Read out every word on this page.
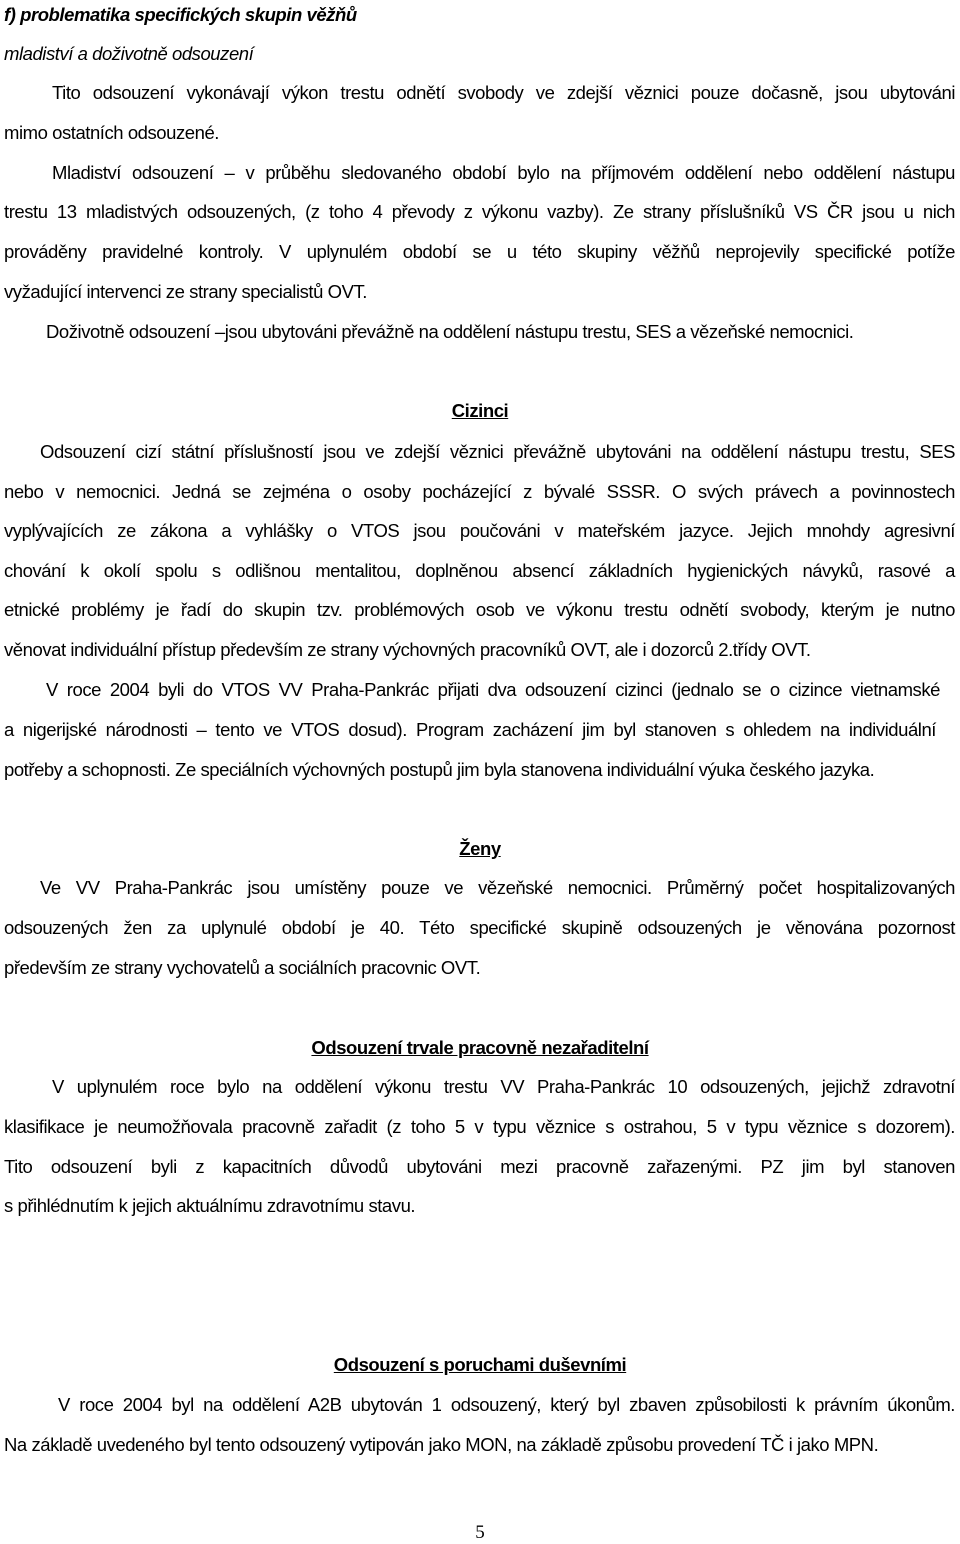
f) problematika specifických skupin věžňů
mladiství a doživotně odsouzení
Tito odsouzení vykonávají výkon trestu odnětí svobody ve zdejší věznici pouze dočasně, jsou ubytováni
mimo ostatních odsouzené.
Mladiství odsouzení – v průběhu sledovaného období bylo na příjmovém oddělení nebo oddělení nástupu
trestu 13 mladistvých odsouzených, (z toho 4 převody z výkonu vazby). Ze strany příslušníků VS ČR jsou u nich
prováděny pravidelné kontroly. V uplynulém období se u této skupiny věžňů neprojevily specifické potíže
vyžadující intervenci ze strany specialistů OVT.
Doživotně odsouzení –jsou ubytováni převážně na oddělení nástupu trestu, SES a vězeňské nemocnici.
Cizinci
Odsouzení cizí státní příslušností jsou ve zdejší věznici převážně ubytováni na oddělení nástupu trestu, SES
nebo v nemocnici. Jedná se zejména o osoby pocházející z bývalé SSSR. O svých právech a povinnostech
vyplývajících ze zákona a vyhlášky o VTOS jsou poučováni v mateřském jazyce. Jejich mnohdy agresivní
chování k okolí spolu s odlišnou mentalitou, doplněnou absencí základních hygienických návyků, rasové a
etnické problémy je řadí do skupin tzv. problémových osob ve výkonu trestu odnětí svobody, kterým je nutno
věnovat individuální přístup především ze strany výchovných pracovníků OVT, ale i dozorců 2.třídy OVT.
V roce 2004 byli do VTOS VV Praha-Pankrác přijati dva odsouzení cizinci (jednalo se o cizince vietnamské
a nigerijské národnosti – tento ve VTOS dosud). Program zacházení jim byl stanoven s ohledem na individuální
potřeby a schopnosti. Ze speciálních výchovných postupů jim byla stanovena individuální výuka českého jazyka.
Ženy
Ve VV Praha-Pankrác jsou umístěny pouze ve vězeňské nemocnici. Průměrný počet hospitalizovaných
odsouzených žen za uplynulé období je 40. Této specifické skupině odsouzených je věnována pozornost
především ze strany vychovatelů a sociálních pracovnic OVT.
Odsouzení trvale pracovně nezařaditelní
V uplynulém roce bylo na oddělení výkonu trestu VV Praha-Pankrác 10 odsouzených, jejichž zdravotní
klasifikace je neumožňovala pracovně zařadit (z toho 5 v typu věznice s ostrahou, 5 v typu věznice s dozorem).
Tito odsouzení byli z kapacitních důvodů ubytováni mezi pracovně zařazenými. PZ jim byl stanoven
s přihlédnutím k jejich aktuálnímu zdravotnímu stavu.
Odsouzení s poruchami duševními
V roce 2004 byl na oddělení A2B ubytován 1 odsouzený, který byl zbaven způsobilosti k právním úkonům.
Na základě uvedeného byl tento odsouzený vytipován jako MON, na základě způsobu provedení TČ i jako MPN.
5
